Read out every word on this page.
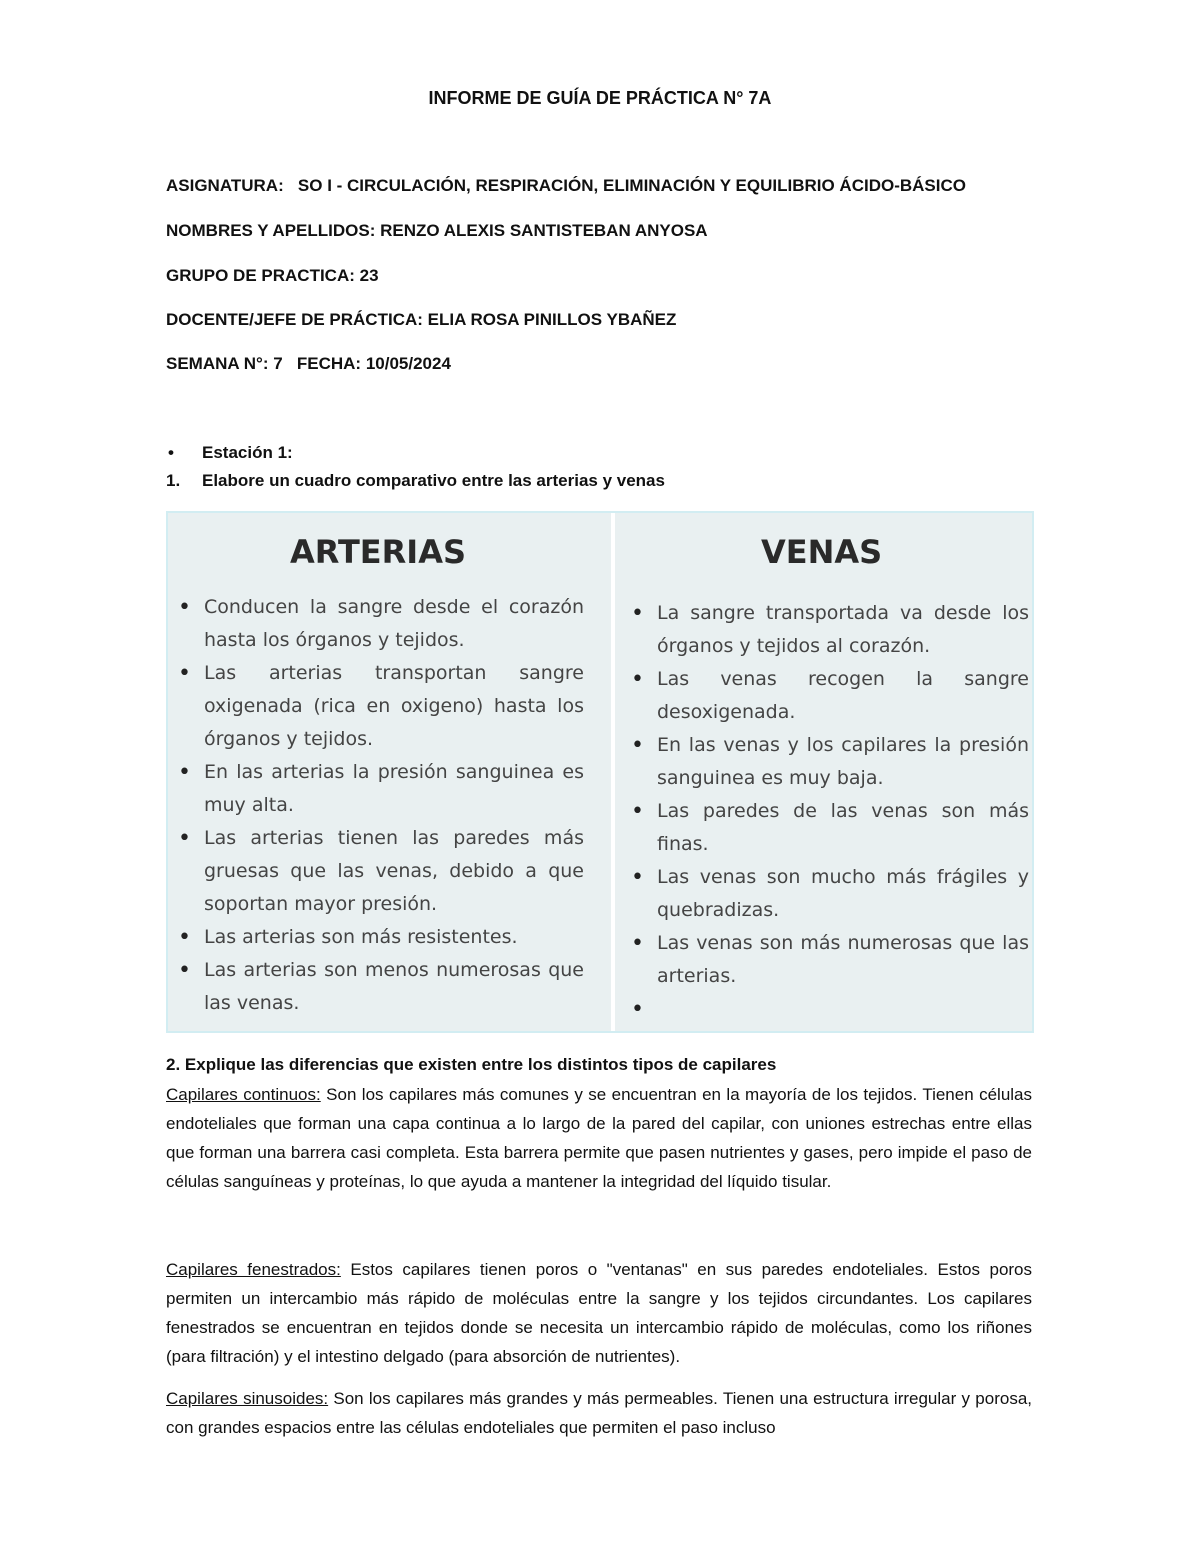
INFORME DE GUÍA DE PRÁCTICA N° 7A
ASIGNATURA: SO I - CIRCULACIÓN, RESPIRACIÓN, ELIMINACIÓN Y EQUILIBRIO ÁCIDO-BÁSICO
NOMBRES Y APELLIDOS: RENZO ALEXIS SANTISTEBAN ANYOSA
GRUPO DE PRACTICA: 23
DOCENTE/JEFE DE PRÁCTICA: ELIA ROSA PINILLOS YBAÑEZ
SEMANA N°: 7 FECHA: 10/05/2024
• Estación 1:
1. Elabore un cuadro comparativo entre las arterias y venas
ARTERIAS
• Conducen la sangre desde el corazón hasta los órganos y tejidos.
• Las arterias transportan sangre oxigenada (rica en oxigeno) hasta los órganos y tejidos.
• En las arterias la presión sanguinea es muy alta.
• Las arterias tienen las paredes más gruesas que las venas, debido a que soportan mayor presión.
• Las arterias son más resistentes.
• Las arterias son menos numerosas que las venas.
VENAS
• La sangre transportada va desde los órganos y tejidos al corazón.
• Las venas recogen la sangre desoxigenada.
• En las venas y los capilares la presión sanguinea es muy baja.
• Las paredes de las venas son más finas.
• Las venas son mucho más frágiles y quebradizas.
• Las venas son más numerosas que las arterias.
2. Explique las diferencias que existen entre los distintos tipos de capilares

Capilares continuos: Son los capilares más comunes y se encuentran en la mayoría de los tejidos. Tienen células endoteliales que forman una capa continua a lo largo de la pared del capilar, con uniones estrechas entre ellas que forman una barrera casi completa. Esta barrera permite que pasen nutrientes y gases, pero impide el paso de células sanguíneas y proteínas, lo que ayuda a mantener la integridad del líquido tisular.

Capilares fenestrados: Estos capilares tienen poros o "ventanas" en sus paredes endoteliales. Estos poros permiten un intercambio más rápido de moléculas entre la sangre y los tejidos circundantes. Los capilares fenestrados se encuentran en tejidos donde se necesita un intercambio rápido de moléculas, como los riñones (para filtración) y el intestino delgado (para absorción de nutrientes).

Capilares sinusoides: Son los capilares más grandes y más permeables. Tienen una estructura irregular y porosa, con grandes espacios entre las células endoteliales que permiten el paso incluso
